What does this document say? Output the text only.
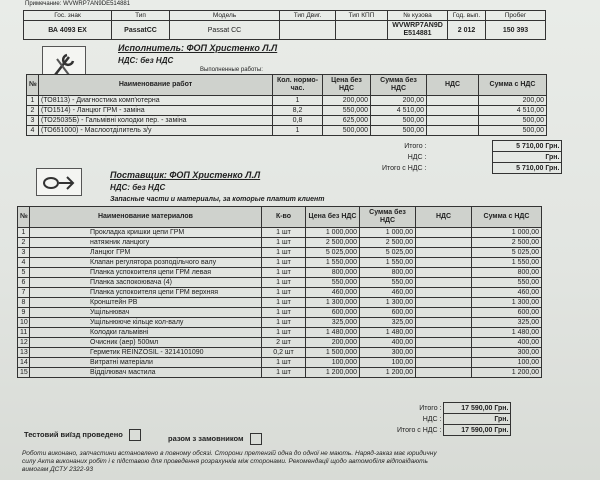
Примечание: WVWRP7AN9DE514881
Гос. знак	Тип	Модель	Тип Двиг.	Тип КПП	№ кузова	Год. вып.	Пробег
ВА 4093 ЕХ	PassatCC	Passat CC			WVWRP7AN9D E514881	2 012	150 393
Исполнитель: ФОП Христенко Л.Л
НДС: без НДС
Выполненные работы:
№	Наименование работ	Кол. нормо-час.	Цена без НДС	Сумма без НДС	НДС	Сумма с НДС
1	(ТО8113) - Диагностика комп'ютерна	1	200,000	200,00		200,00
2	(ТО1514) - Ланцюг ГРМ - заміна	8,2	550,000	4 510,00		4 510,00
3	(ТО25035Б) - Гальмівні колодки пер. - заміна	0,8	625,000	500,00		500,00
4	(ТО651000) - Маслоотділитель з/у	1	500,000	500,00		500,00
Итого :		5 710,00 Грн.
НДС :		Грн.
Итого с НДС :		5 710,00 Грн.
Поставщик: ФОП Христенко Л.Л
НДС: без НДС
Запасные части и материалы, за которые платит клиент
№	Наименование материалов	К-во	Цена без НДС	Сумма без НДС	НДС	Сумма с НДС
1	Прокладка кришки цепи ГРМ	1 шт	1 000,000	1 000,00		1 000,00
2	натяжник ланцюгу	1 шт	2 500,000	2 500,00		2 500,00
3	Ланцюг ГРМ	1 шт	5 025,000	5 025,00		5 025,00
4	Клапан регулятора розподільчого валу	1 шт	1 550,000	1 550,00		1 550,00
5	Планка успокоителя цепи ГРМ левая	1 шт	800,000	800,00		800,00
6	Планка заспокоювача (4)	1 шт	550,000	550,00		550,00
7	Планка успокоителя цепи ГРМ верхняя	1 шт	460,000	460,00		460,00
8	Кронштейн РВ	1 шт	1 300,000	1 300,00		1 300,00
9	Ущільнювач	1 шт	600,000	600,00		600,00
10	Ущільнююче кільце кол-валу	1 шт	325,000	325,00		325,00
11	Колодки гальмівні	1 шт	1 480,000	1 480,00		1 480,00
12	Очисник (аер) 500мл	2 шт	200,000	400,00		400,00
13	Герметик REINZOSIL - 3214101090	0,2 шт	1 500,000	300,00		300,00
14	Витратні матеріали	1 шт	100,000	100,00		100,00
15	Відділювач мастила	1 шт	1 200,000	1 200,00		1 200,00
Итого :	17 590,00 Грн.
НДС :	Грн.
Итого с НДС :	17 590,00 Грн.
Тестовий виїзд проведено	разом з замовником
Роботи виконано, запчастини встановлено в повному обсязі. Сторони претензій одна до одної не мають. Наряд-заказ має юридичну
силу Акта виконаних робіт і є підставою для проведення розрахунків між сторонами. Рекомендації щодо автомобіля відповідають
вимогам ДСТУ 2322-93
